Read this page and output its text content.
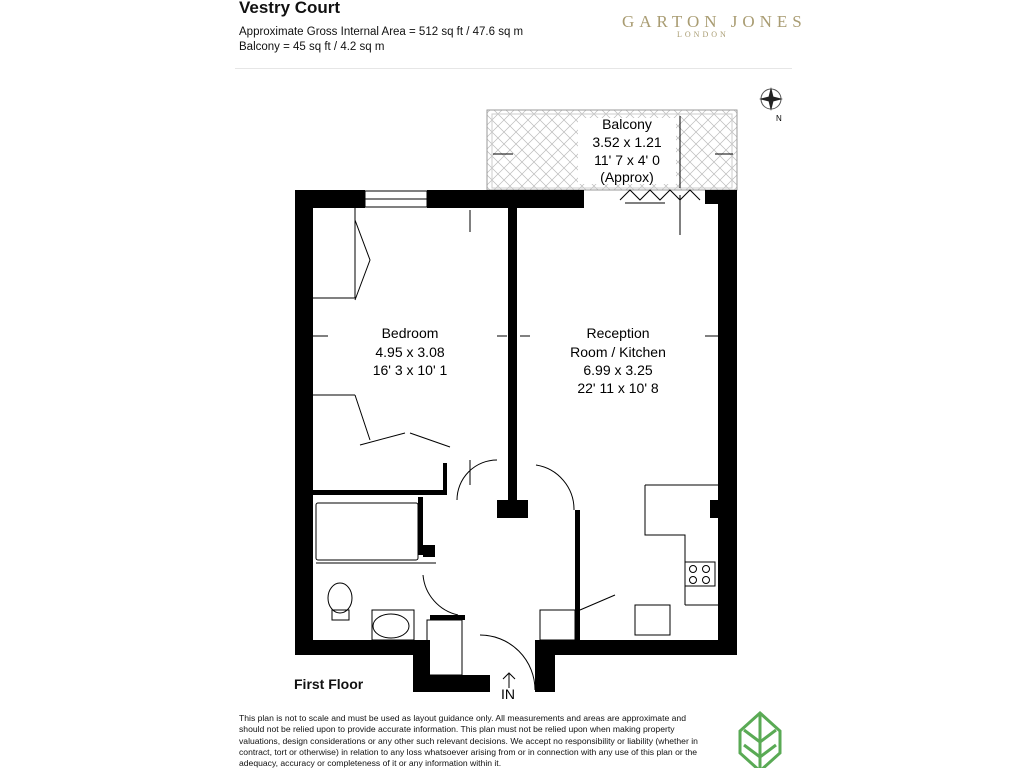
Vestry Court
Approximate Gross Internal Area = 512 sq ft / 47.6 sq m
Balcony = 45 sq ft / 4.2 sq m
GARTON JONES
LONDON
Balcony
3.52 x 1.21
11' 7 x 4' 0
(Approx)
Bedroom
4.95 x 3.08
16' 3 x 10' 1
Reception
Room / Kitchen
6.99 x 3.25
22' 11 x 10' 8
IN
N
First Floor
This plan is not to scale and must be used as layout guidance only. All measurements and areas are approximate and should not be relied upon to provide accurate information. This plan must not be relied upon when making property valuations, design considerations or any other such relevant decisions. We accept no responsibility or liability (whether in contract, tort or otherwise) in relation to any loss whatsoever arising from or in connection with any use of this plan or the adequacy, accuracy or completeness of it or any information within it.
